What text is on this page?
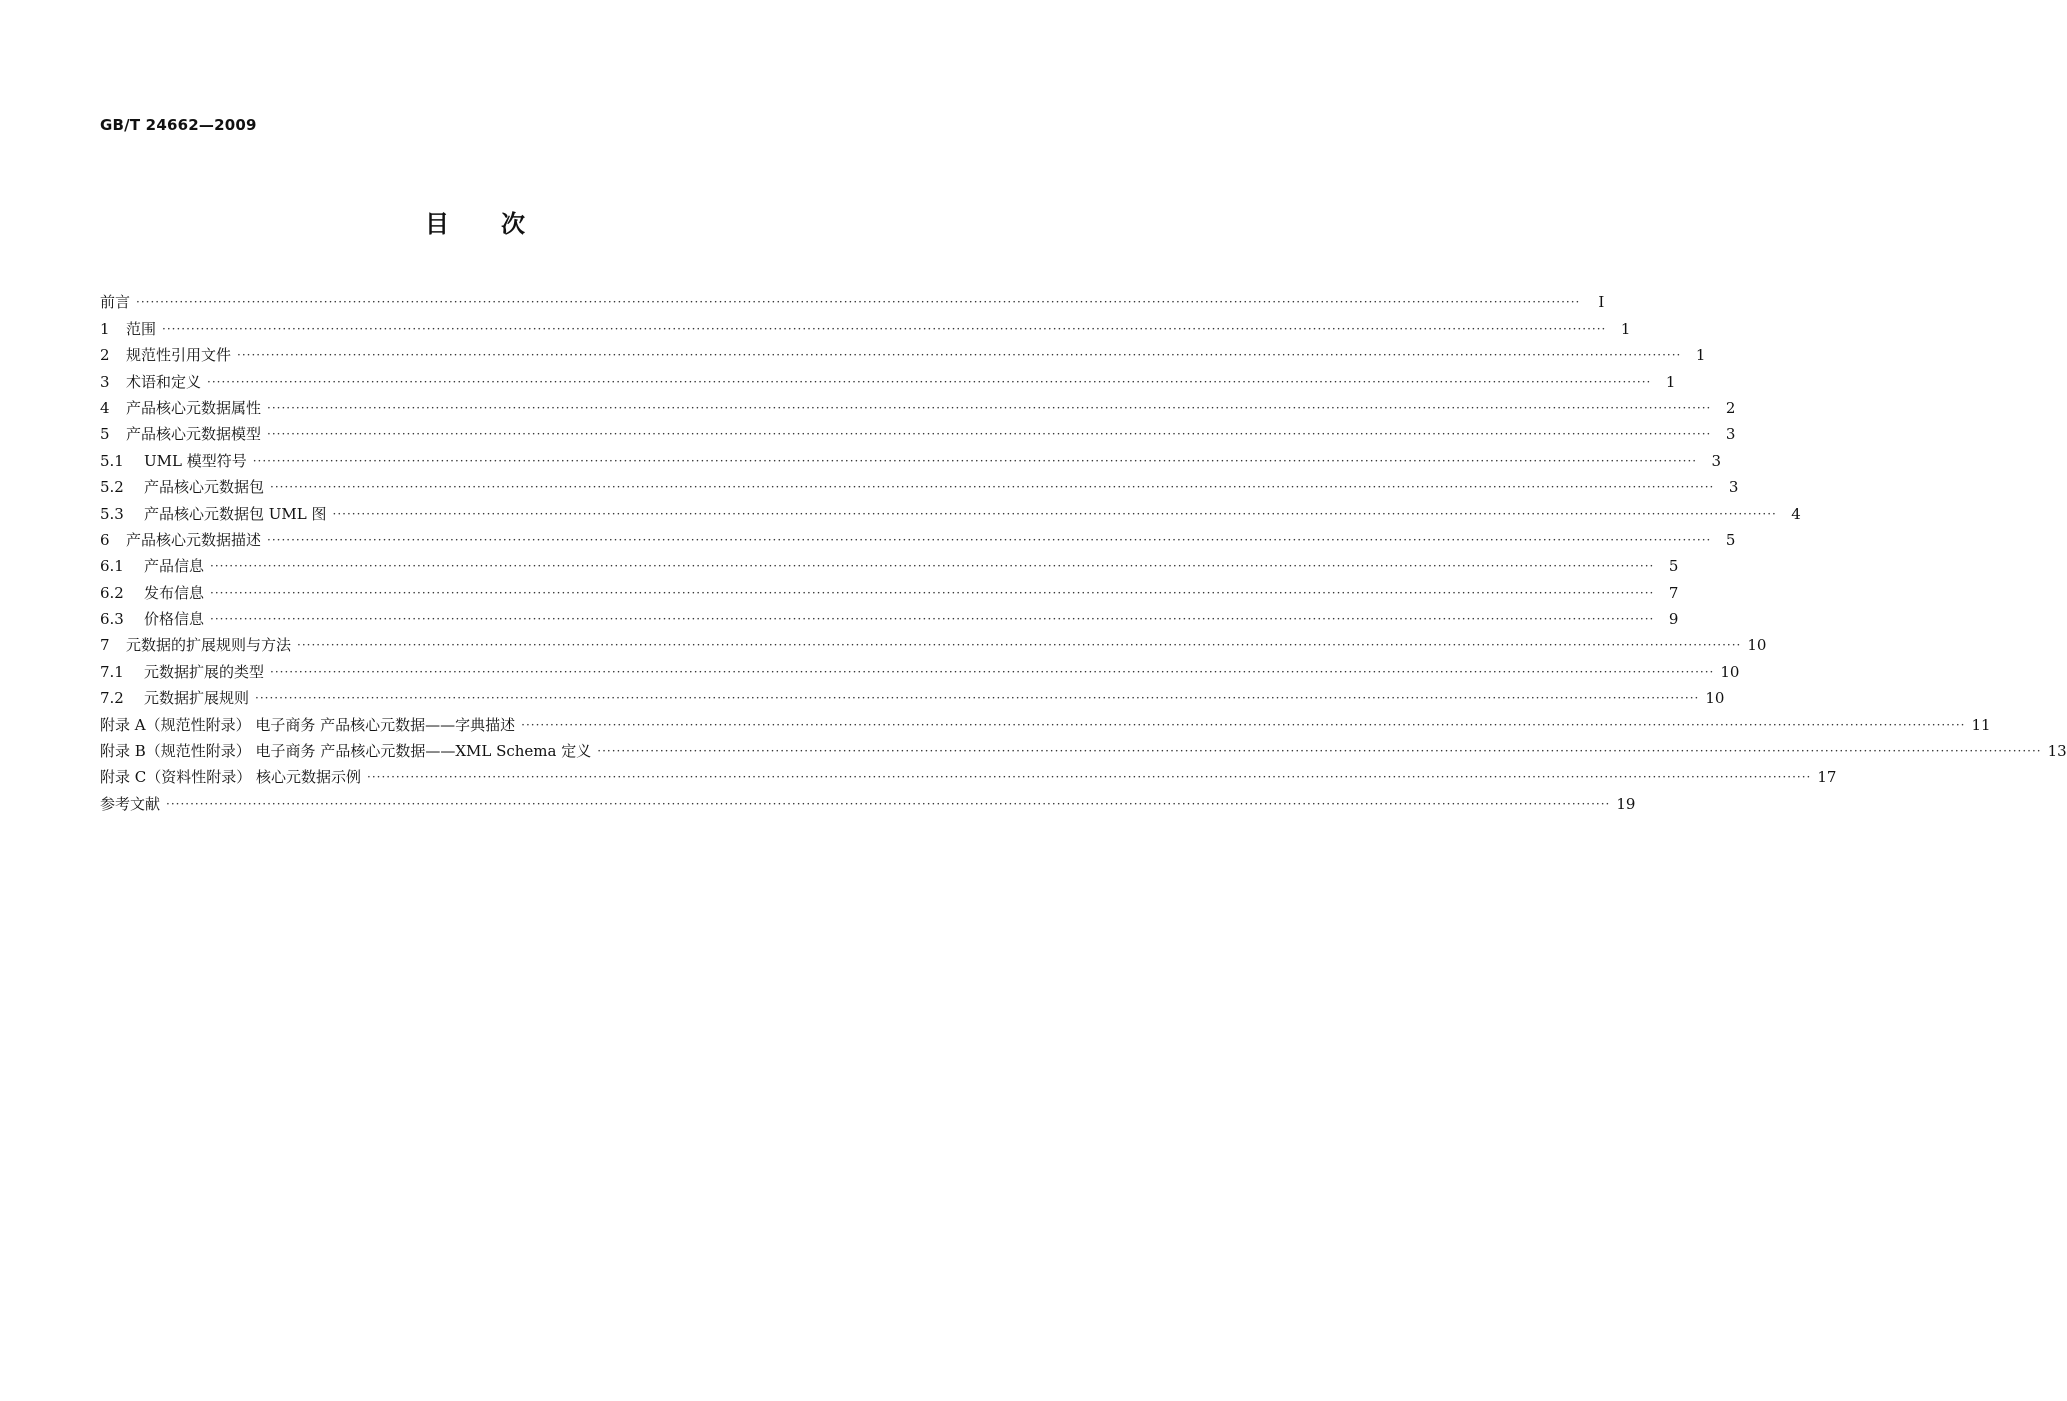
GB/T 24662—2009
目 次
前言 ············································································································································································································································································································	Ⅰ
1 范围 ············································································································································································································································································································ 1
2 规范性引用文件 ············································································································································································································································································································ 1
3 术语和定义 ············································································································································································································································································································ 1
4 产品核心元数据属性 ············································································································································································································································································································ 2
5 产品核心元数据模型 ············································································································································································································································································································ 3
5.1 UML 模型符号 ············································································································································································································································································································ 3
5.2 产品核心元数据包 ············································································································································································································································································································ 3
5.3 产品核心元数据包 UML 图 ············································································································································································································································································································ 4
6 产品核心元数据描述 ············································································································································································································································································································ 5
6.1 产品信息 ············································································································································································································································································································ 5
6.2 发布信息 ············································································································································································································································································································ 7
6.3 价格信息 ············································································································································································································································································································ 9
7 元数据的扩展规则与方法 ············································································································································································································································································································ 10
7.1 元数据扩展的类型 ············································································································································································································································································································ 10
7.2 元数据扩展规则 ············································································································································································································································································································ 10
附录 A（规范性附录） 电子商务 产品核心元数据——字典描述 ············································································································································································································································································································ 11
附录 B（规范性附录） 电子商务 产品核心元数据——XML Schema 定义 ············································································································································································································································································································ 13
附录 C（资料性附录） 核心元数据示例 ············································································································································································································································································································ 17
参考文献 ············································································································································································································································································································ 19
